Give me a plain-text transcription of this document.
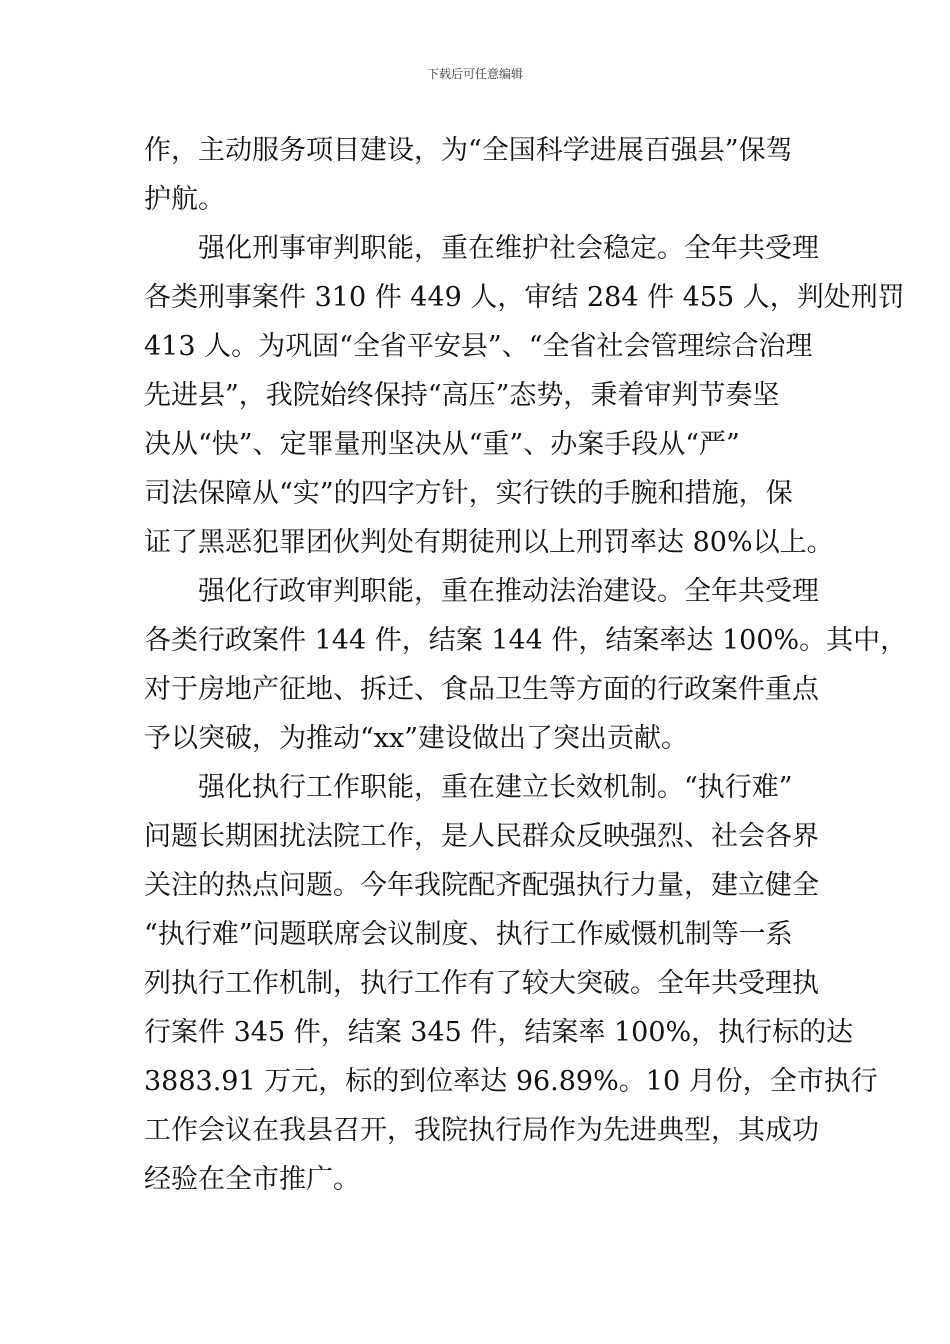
下载后可任意编辑
作，主动服务项目建设，为“全国科学进展百强县”保驾
护航。
强化刑事审判职能，重在维护社会稳定。全年共受理
各类刑事案件 310 件 449 人，审结 284 件 455 人，判处刑罚
413 人。为巩固“全省平安县”、“全省社会管理综合治理
先进县”，我院始终保持“高压”态势，秉着审判节奏坚
决从“快”、定罪量刑坚决从“重”、办案手段从“严”
司法保障从“实”的四字方针，实行铁的手腕和措施，保
证了黑恶犯罪团伙判处有期徒刑以上刑罚率达 80%以上。
强化行政审判职能，重在推动法治建设。全年共受理
各类行政案件 144 件，结案 144 件，结案率达 100%。其中，
对于房地产征地、拆迁、食品卫生等方面的行政案件重点
予以突破，为推动“xx”建设做出了突出贡献。
强化执行工作职能，重在建立长效机制。“执行难”
问题长期困扰法院工作，是人民群众反映强烈、社会各界
关注的热点问题。今年我院配齐配强执行力量，建立健全
“执行难”问题联席会议制度、执行工作威慑机制等一系
列执行工作机制，执行工作有了较大突破。全年共受理执
行案件 345 件，结案 345 件，结案率 100%，执行标的达
3883.91 万元，标的到位率达 96.89%。10 月份，全市执行
工作会议在我县召开，我院执行局作为先进典型，其成功
经验在全市推广。
